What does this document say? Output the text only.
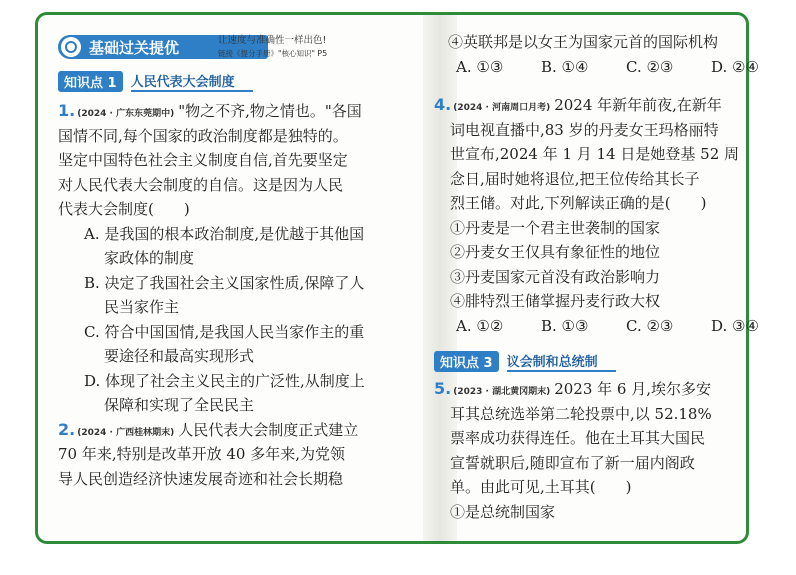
基础过关提优	让速度与准确性一样出色!
链接《提分手册》"核心知识" P5
知识点 1	人民代表大会制度
1. (2024 · 广东东莞期中) "物之不齐,物之情也。"各国
国情不同,每个国家的政治制度都是独特的。
坚定中国特色社会主义制度自信,首先要坚定
对人民代表大会制度的自信。这是因为人民
代表大会制度(　　)
A. 是我国的根本政治制度,是优越于其他国
家政体的制度
B. 决定了我国社会主义国家性质,保障了人
民当家作主
C. 符合中国国情,是我国人民当家作主的重
要途径和最高实现形式
D. 体现了社会主义民主的广泛性,从制度上
保障和实现了全民民主
2. (2024 · 广西桂林期末) 人民代表大会制度正式建立
70 年来,特别是改革开放 40 多年来,为党领
导人民创造经济快速发展奇迹和社会长期稳
④英联邦是以女王为国家元首的国际机构
A. ①③	B. ①④	C. ②③	D. ②④
4. (2024 · 河南周口月考) 2024 年新年前夜,在新年
词电视直播中,83 岁的丹麦女王玛格丽特
世宣布,2024 年 1 月 14 日是她登基 52 周
念日,届时她将退位,把王位传给其长子
烈王储。对此,下列解读正确的是(　　)
①丹麦是一个君主世袭制的国家
②丹麦女王仅具有象征性的地位
③丹麦国家元首没有政治影响力
④腓特烈王储掌握丹麦行政大权
A. ①②	B. ①③	C. ②③	D. ③④
知识点 3	议会制和总统制
5. (2023 · 湖北黄冈期末) 2023 年 6 月,埃尔多安
耳其总统选举第二轮投票中,以 52.18%
票率成功获得连任。他在土耳其大国民
宣誓就职后,随即宣布了新一届内阁政
单。由此可见,土耳其(　　)
①是总统制国家
